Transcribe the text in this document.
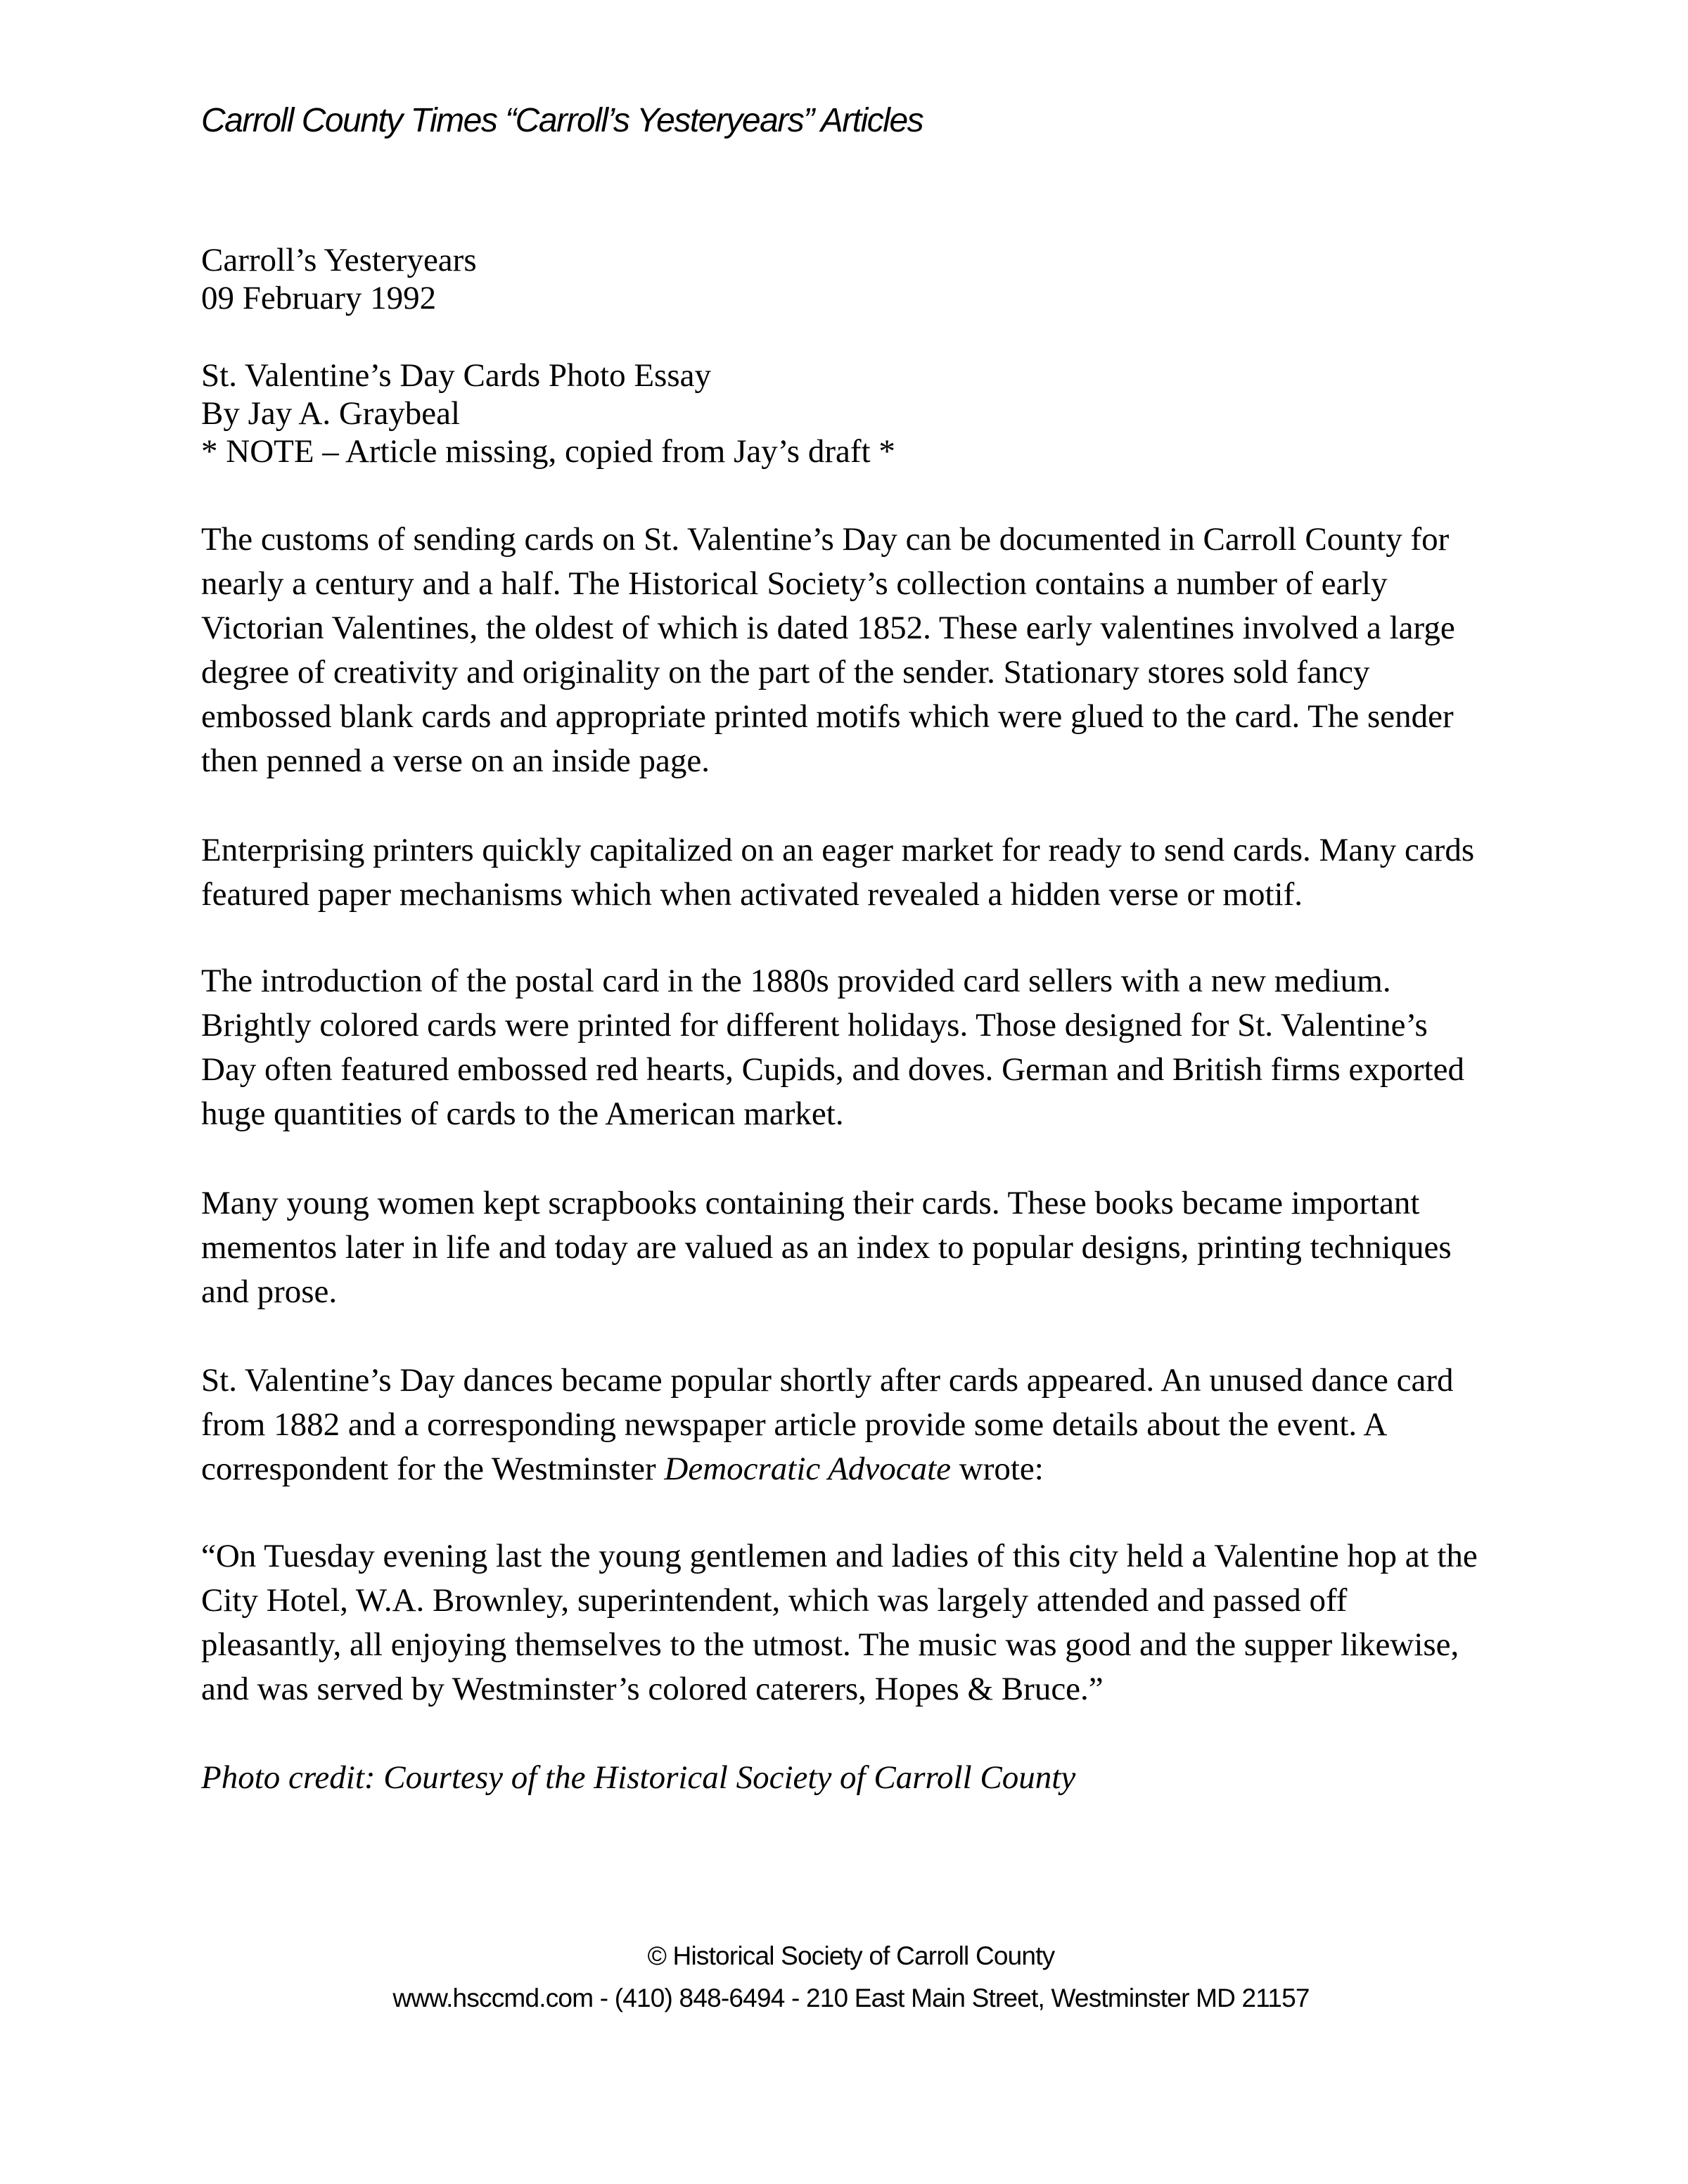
Carroll County Times “Carroll’s Yesteryears” Articles
Carroll’s Yesteryears
09 February 1992
St. Valentine’s Day Cards Photo Essay
By Jay A. Graybeal
* NOTE – Article missing, copied from Jay’s draft *
The customs of sending cards on St. Valentine’s Day can be documented in Carroll County for
nearly a century and a half. The Historical Society’s collection contains a number of early
Victorian Valentines, the oldest of which is dated 1852. These early valentines involved a large
degree of creativity and originality on the part of the sender. Stationary stores sold fancy
embossed blank cards and appropriate printed motifs which were glued to the card. The sender
then penned a verse on an inside page.
Enterprising printers quickly capitalized on an eager market for ready to send cards. Many cards
featured paper mechanisms which when activated revealed a hidden verse or motif.
The introduction of the postal card in the 1880s provided card sellers with a new medium.
Brightly colored cards were printed for different holidays. Those designed for St. Valentine’s
Day often featured embossed red hearts, Cupids, and doves. German and British firms exported
huge quantities of cards to the American market.
Many young women kept scrapbooks containing their cards. These books became important
mementos later in life and today are valued as an index to popular designs, printing techniques
and prose.
St. Valentine’s Day dances became popular shortly after cards appeared. An unused dance card
from 1882 and a corresponding newspaper article provide some details about the event. A
correspondent for the Westminster Democratic Advocate wrote:
“On Tuesday evening last the young gentlemen and ladies of this city held a Valentine hop at the
City Hotel, W.A. Brownley, superintendent, which was largely attended and passed off
pleasantly, all enjoying themselves to the utmost. The music was good and the supper likewise,
and was served by Westminster’s colored caterers, Hopes & Bruce.”
Photo credit: Courtesy of the Historical Society of Carroll County
© Historical Society of Carroll County
www.hsccmd.com - (410) 848-6494 - 210 East Main Street, Westminster MD 21157
